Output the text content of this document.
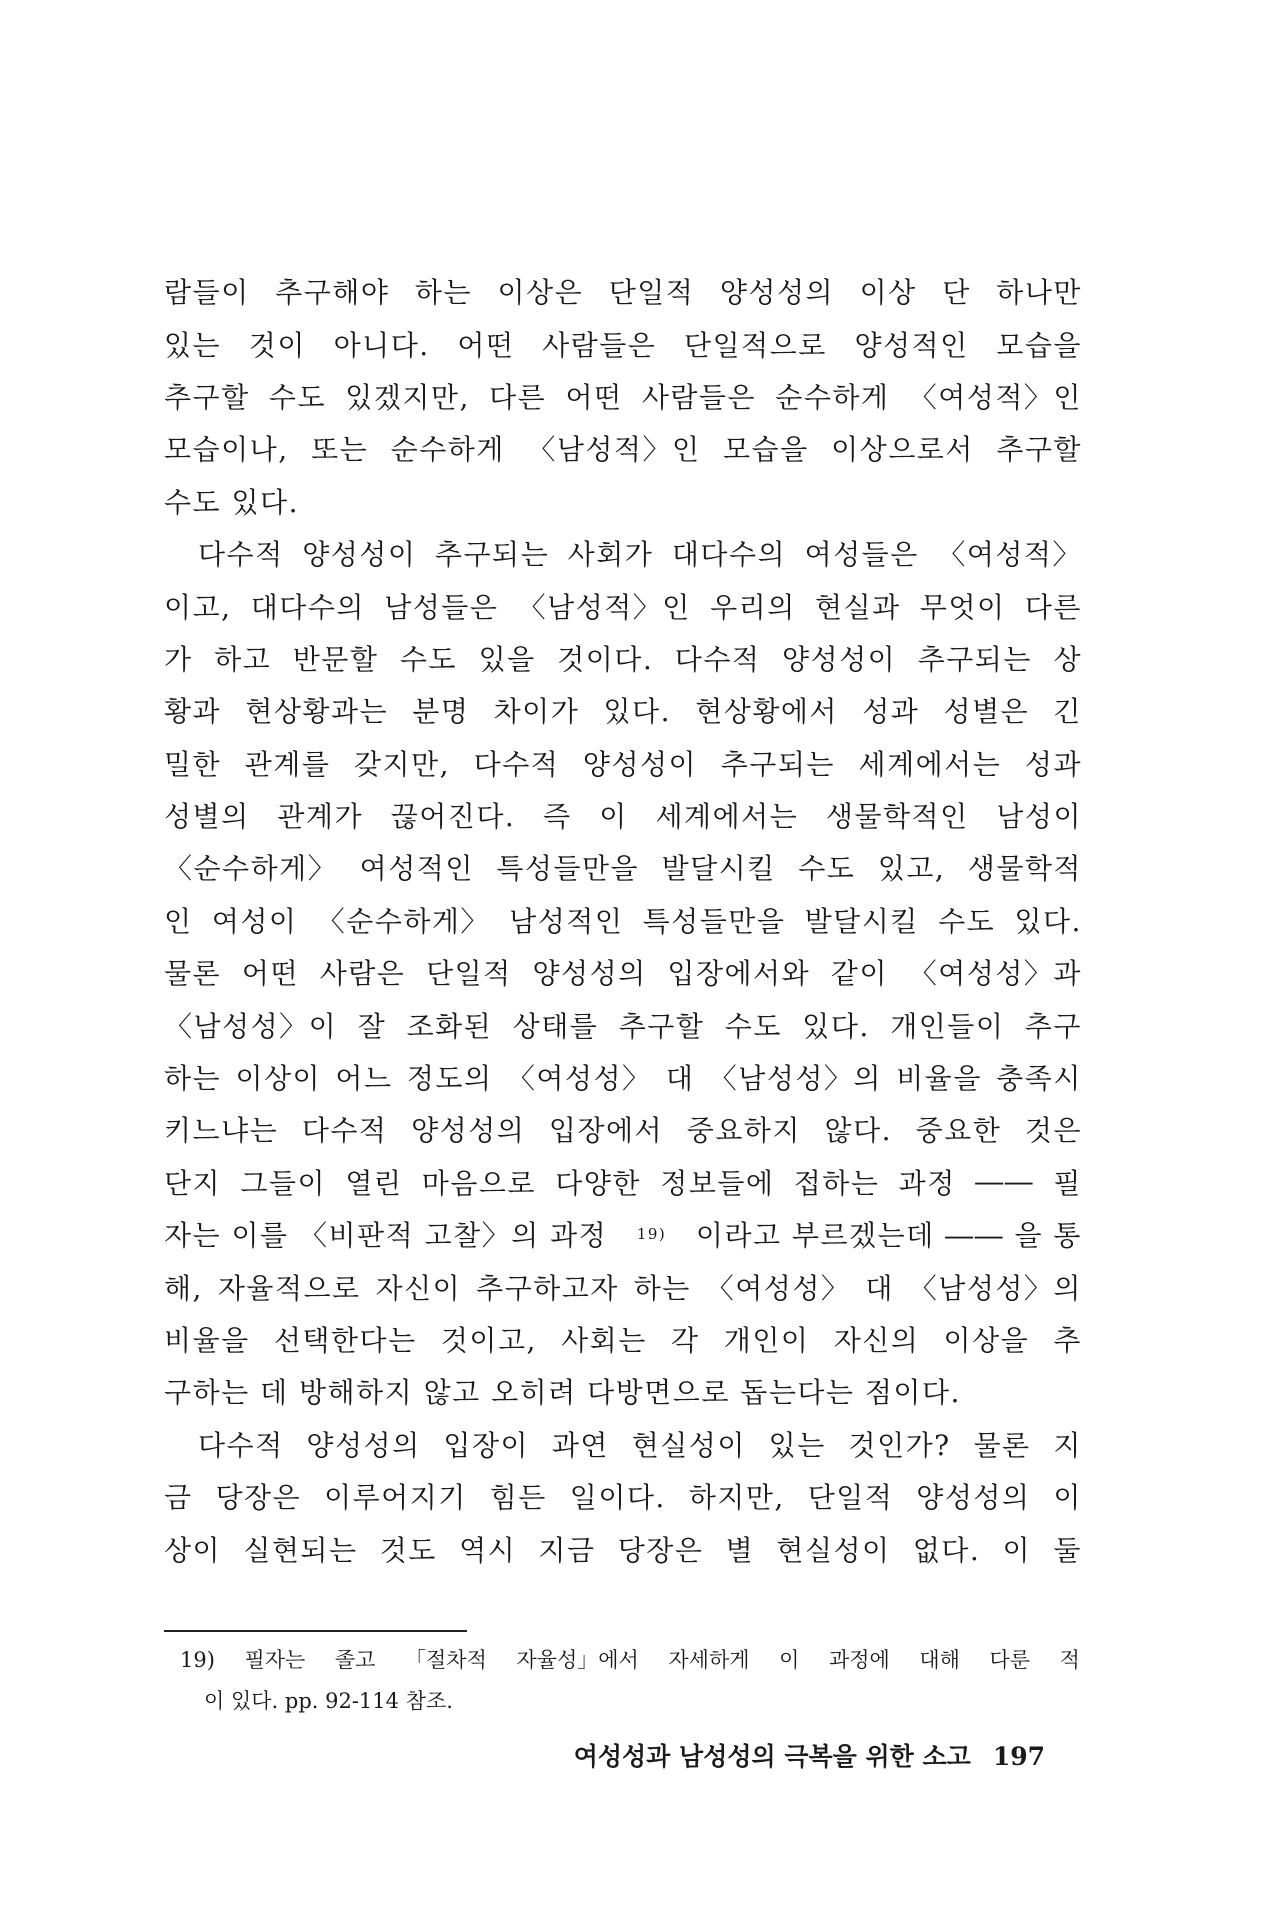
람들이 추구해야 하는 이상은 단일적 양성성의 이상 단 하나만
있는 것이 아니다. 어떤 사람들은 단일적으로 양성적인 모습을
추구할 수도 있겠지만, 다른 어떤 사람들은 순수하게 〈여성적〉인
모습이나, 또는 순수하게 〈남성적〉인 모습을 이상으로서 추구할
수도 있다.
다수적 양성성이 추구되는 사회가 대다수의 여성들은 〈여성적〉
이고, 대다수의 남성들은 〈남성적〉인 우리의 현실과 무엇이 다른
가 하고 반문할 수도 있을 것이다. 다수적 양성성이 추구되는 상
황과 현상황과는 분명 차이가 있다. 현상황에서 성과 성별은 긴
밀한 관계를 갖지만, 다수적 양성성이 추구되는 세계에서는 성과
성별의 관계가 끊어진다. 즉 이 세계에서는 생물학적인 남성이
〈순수하게〉 여성적인 특성들만을 발달시킬 수도 있고, 생물학적
인 여성이 〈순수하게〉 남성적인 특성들만을 발달시킬 수도 있다.
물론 어떤 사람은 단일적 양성성의 입장에서와 같이 〈여성성〉과
〈남성성〉이 잘 조화된 상태를 추구할 수도 있다. 개인들이 추구
하는 이상이 어느 정도의 〈여성성〉 대 〈남성성〉의 비율을 충족시
키느냐는 다수적 양성성의 입장에서 중요하지 않다. 중요한 것은
단지 그들이 열린 마음으로 다양한 정보들에 접하는 과정 ―― 필
자는 이를 〈비판적 고찰〉의 과정 19) 이라고 부르겠는데 ―― 을 통
해, 자율적으로 자신이 추구하고자 하는 〈여성성〉 대 〈남성성〉의
비율을 선택한다는 것이고, 사회는 각 개인이 자신의 이상을 추
구하는 데 방해하지 않고 오히려 다방면으로 돕는다는 점이다.
다수적 양성성의 입장이 과연 현실성이 있는 것인가? 물론 지
금 당장은 이루어지기 힘든 일이다. 하지만, 단일적 양성성의 이
상이 실현되는 것도 역시 지금 당장은 별 현실성이 없다. 이 둘
19) 필자는 졸고 「절차적 자율성」에서 자세하게 이 과정에 대해 다룬 적
이 있다. pp. 92-114 참조.
여성성과 남성성의 극복을 위한 소고 197
